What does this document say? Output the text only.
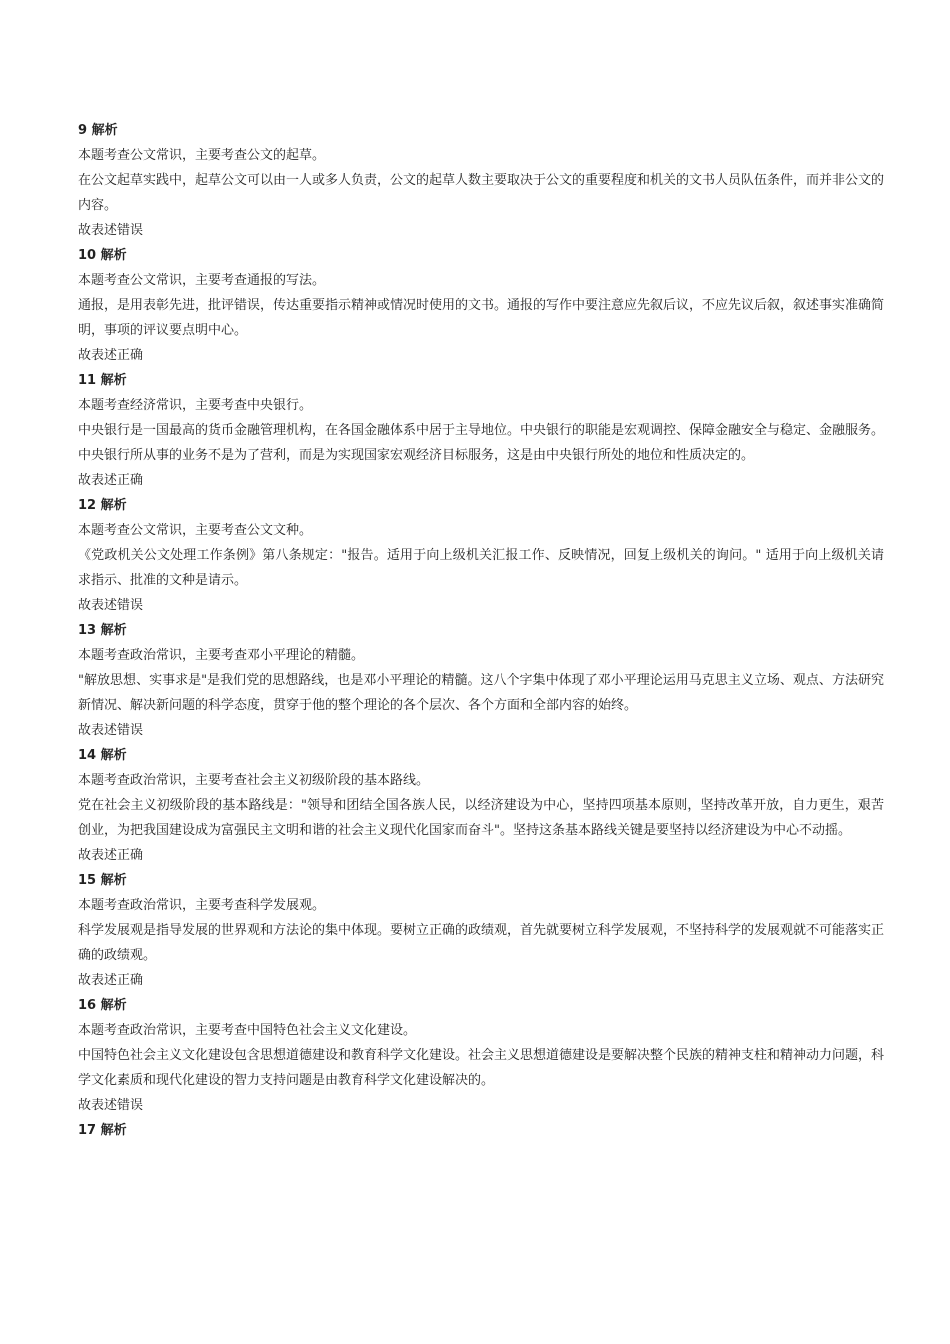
9 解析
本题考查公文常识，主要考查公文的起草。
在公文起草实践中，起草公文可以由一人或多人负责，公文的起草人数主要取决于公文的重要程度和机关的文书人员队伍条件，而并非公文的内容。
故表述错误
10 解析
本题考查公文常识，主要考查通报的写法。
通报，是用表彰先进，批评错误，传达重要指示精神或情况时使用的文书。通报的写作中要注意应先叙后议，不应先议后叙，叙述事实准确简明，事项的评议要点明中心。
故表述正确
11 解析
本题考查经济常识，主要考查中央银行。
中央银行是一国最高的货币金融管理机构，在各国金融体系中居于主导地位。中央银行的职能是宏观调控、保障金融安全与稳定、金融服务。中央银行所从事的业务不是为了营利，而是为实现国家宏观经济目标服务，这是由中央银行所处的地位和性质决定的。
故表述正确
12 解析
本题考查公文常识，主要考查公文文种。
《党政机关公文处理工作条例》第八条规定："报告。适用于向上级机关汇报工作、反映情况，回复上级机关的询问。" 适用于向上级机关请求指示、批准的文种是请示。
故表述错误
13 解析
本题考查政治常识，主要考查邓小平理论的精髓。
"解放思想、实事求是"是我们党的思想路线，也是邓小平理论的精髓。这八个字集中体现了邓小平理论运用马克思主义立场、观点、方法研究新情况、解决新问题的科学态度，贯穿于他的整个理论的各个层次、各个方面和全部内容的始终。
故表述错误
14 解析
本题考查政治常识，主要考查社会主义初级阶段的基本路线。
党在社会主义初级阶段的基本路线是："领导和团结全国各族人民，以经济建设为中心，坚持四项基本原则，坚持改革开放，自力更生，艰苦创业，为把我国建设成为富强民主文明和谐的社会主义现代化国家而奋斗"。坚持这条基本路线关键是要坚持以经济建设为中心不动摇。
故表述正确
15 解析
本题考查政治常识，主要考查科学发展观。
科学发展观是指导发展的世界观和方法论的集中体现。要树立正确的政绩观，首先就要树立科学发展观，不坚持科学的发展观就不可能落实正确的政绩观。
故表述正确
16 解析
本题考查政治常识，主要考查中国特色社会主义文化建设。
中国特色社会主义文化建设包含思想道德建设和教育科学文化建设。社会主义思想道德建设是要解决整个民族的精神支柱和精神动力问题，科学文化素质和现代化建设的智力支持问题是由教育科学文化建设解决的。
故表述错误
17 解析
